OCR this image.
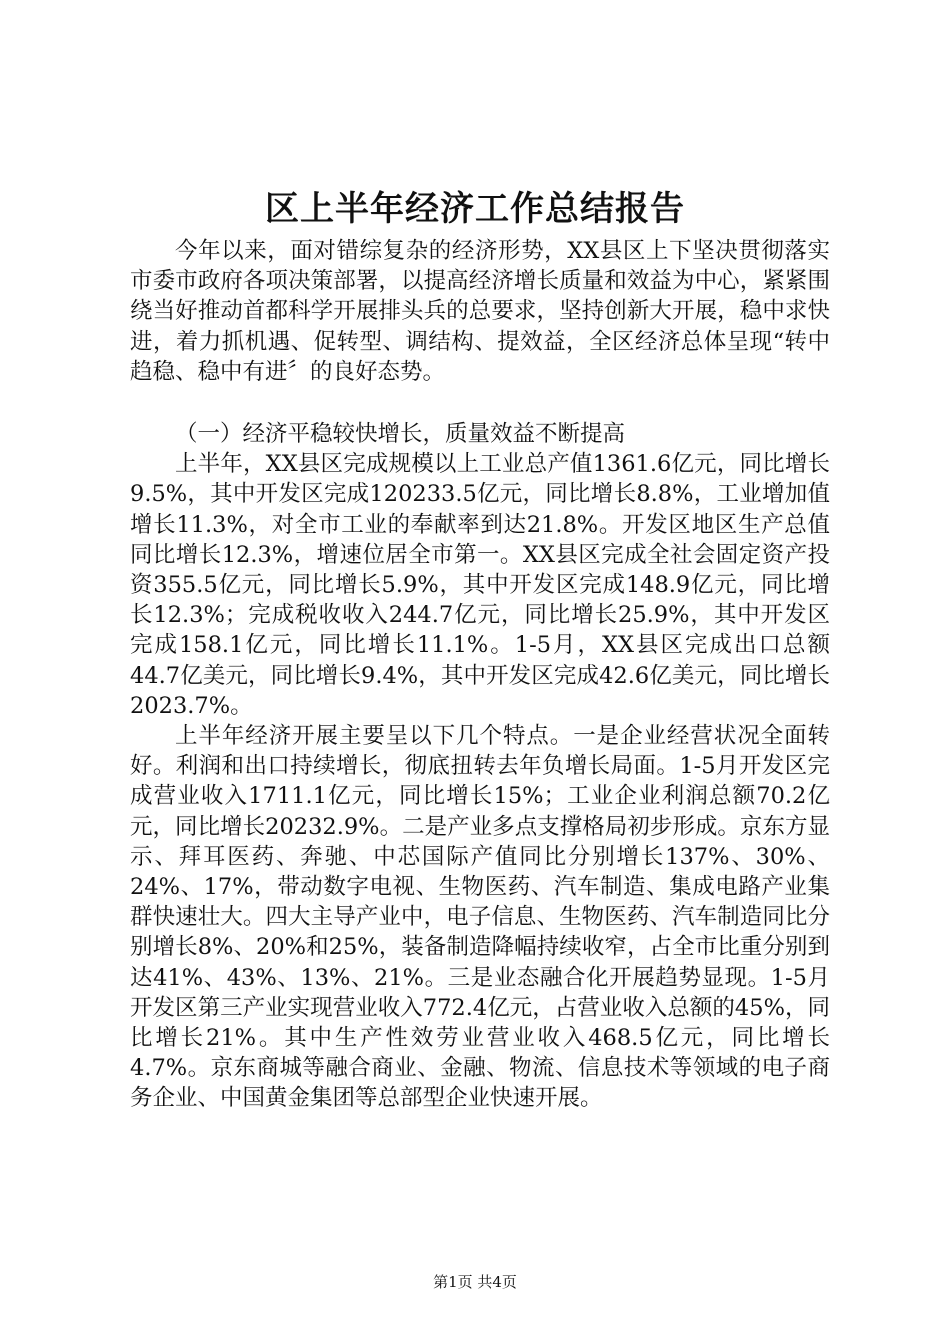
区上半年经济工作总结报告

今年以来，面对错综复杂的经济形势，XX县区上下坚决贯彻落实市委市政府各项决策部署，以提高经济增长质量和效益为中心，紧紧围绕当好推动首都科学开展排头兵的总要求，坚持创新大开展，稳中求快进，着力抓机遇、促转型、调结构、提效益，全区经济总体呈现“转中趋稳、稳中有进〞的良好态势。

（一）经济平稳较快增长，质量效益不断提高

上半年，XX县区完成规模以上工业总产值1361.6亿元，同比增长9.5%，其中开发区完成120233.5亿元，同比增长8.8%，工业增加值增长11.3%，对全市工业的奉献率到达21.8%。开发区地区生产总值同比增长12.3%，增速位居全市第一。XX县区完成全社会固定资产投资355.5亿元，同比增长5.9%，其中开发区完成148.9亿元，同比增长12.3%；完成税收收入244.7亿元，同比增长25.9%，其中开发区完成158.1亿元，同比增长11.1%。1-5月，XX县区完成出口总额44.7亿美元，同比增长9.4%，其中开发区完成42.6亿美元，同比增长2023.7%。

上半年经济开展主要呈以下几个特点。一是企业经营状况全面转好。利润和出口持续增长，彻底扭转去年负增长局面。1-5月开发区完成营业收入1711.1亿元，同比增长15%；工业企业利润总额70.2亿元，同比增长20232.9%。二是产业多点支撑格局初步形成。京东方显示、拜耳医药、奔驰、中芯国际产值同比分别增长137%、30%、24%、17%，带动数字电视、生物医药、汽车制造、集成电路产业集群快速壮大。四大主导产业中，电子信息、生物医药、汽车制造同比分别增长8%、20%和25%，装备制造降幅持续收窄，占全市比重分别到达41%、43%、13%、21%。三是业态融合化开展趋势显现。1-5月开发区第三产业实现营业收入772.4亿元，占营业收入总额的45%，同比增长21%。其中生产性效劳业营业收入468.5亿元，同比增长4.7%。京东商城等融合商业、金融、物流、信息技术等领域的电子商务企业、中国黄金集团等总部型企业快速开展。

第1页 共4页
